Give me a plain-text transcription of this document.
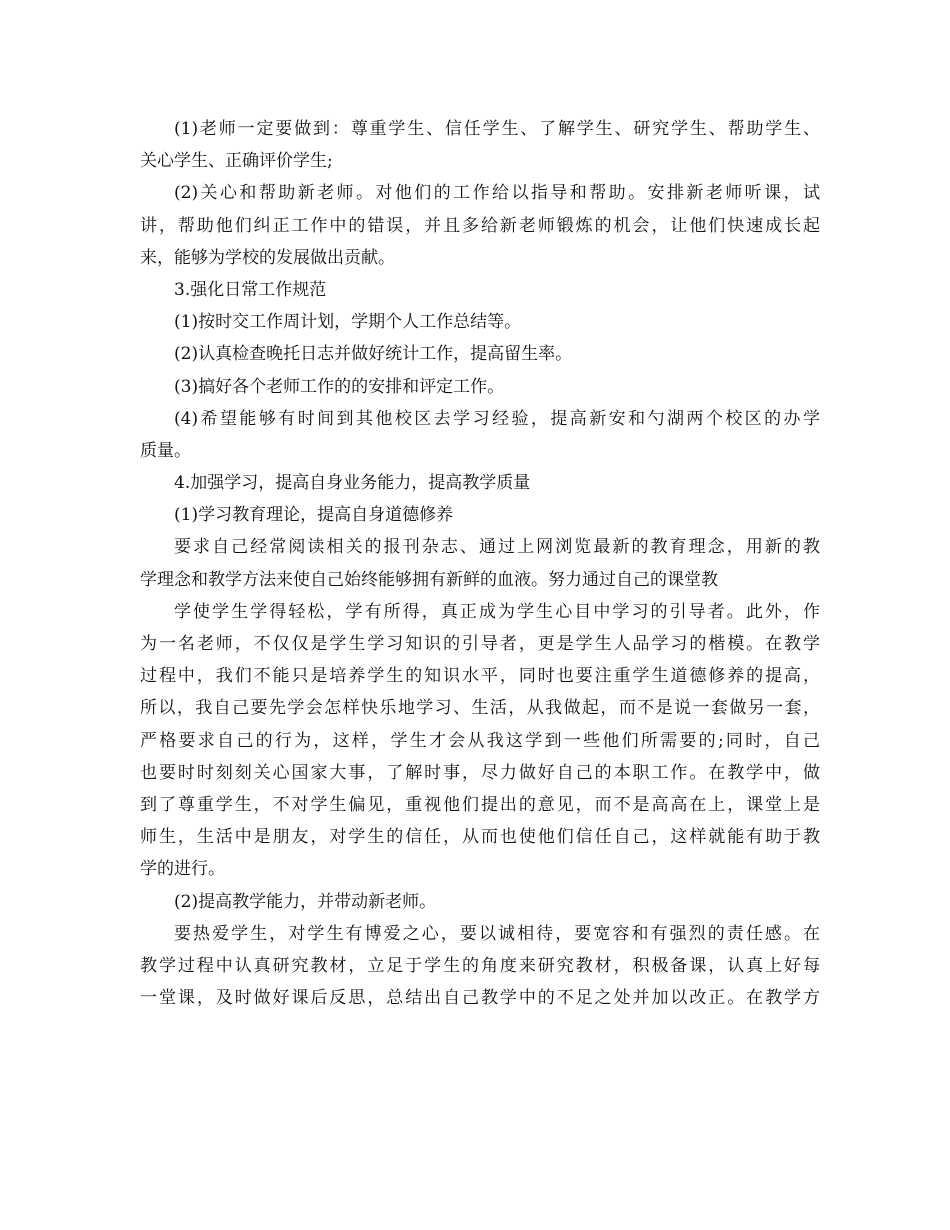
(1)老师一定要做到：尊重学生、信任学生、了解学生、研究学生、帮助学生、
关心学生、正确评价学生;
(2)关心和帮助新老师。对他们的工作给以指导和帮助。安排新老师听课，试
讲，帮助他们纠正工作中的错误，并且多给新老师锻炼的机会，让他们快速成长起
来，能够为学校的发展做出贡献。
3.强化日常工作规范
(1)按时交工作周计划，学期个人工作总结等。
(2)认真检查晚托日志并做好统计工作，提高留生率。
(3)搞好各个老师工作的的安排和评定工作。
(4)希望能够有时间到其他校区去学习经验，提高新安和勺湖两个校区的办学
质量。
4.加强学习，提高自身业务能力，提高教学质量
(1)学习教育理论，提高自身道德修养
要求自己经常阅读相关的报刊杂志、通过上网浏览最新的教育理念，用新的教
学理念和教学方法来使自己始终能够拥有新鲜的血液。努力通过自己的课堂教
学使学生学得轻松，学有所得，真正成为学生心目中学习的引导者。此外，作
为一名老师，不仅仅是学生学习知识的引导者，更是学生人品学习的楷模。在教学
过程中，我们不能只是培养学生的知识水平，同时也要注重学生道德修养的提高，
所以，我自己要先学会怎样快乐地学习、生活，从我做起，而不是说一套做另一套，
严格要求自己的行为，这样，学生才会从我这学到一些他们所需要的;同时，自己
也要时时刻刻关心国家大事，了解时事，尽力做好自己的本职工作。在教学中，做
到了尊重学生，不对学生偏见，重视他们提出的意见，而不是高高在上，课堂上是
师生，生活中是朋友，对学生的信任，从而也使他们信任自己，这样就能有助于教
学的进行。
(2)提高教学能力，并带动新老师。
要热爱学生，对学生有博爱之心，要以诚相待，要宽容和有强烈的责任感。在
教学过程中认真研究教材，立足于学生的角度来研究教材，积极备课，认真上好每
一堂课，及时做好课后反思，总结出自己教学中的不足之处并加以改正。在教学方
